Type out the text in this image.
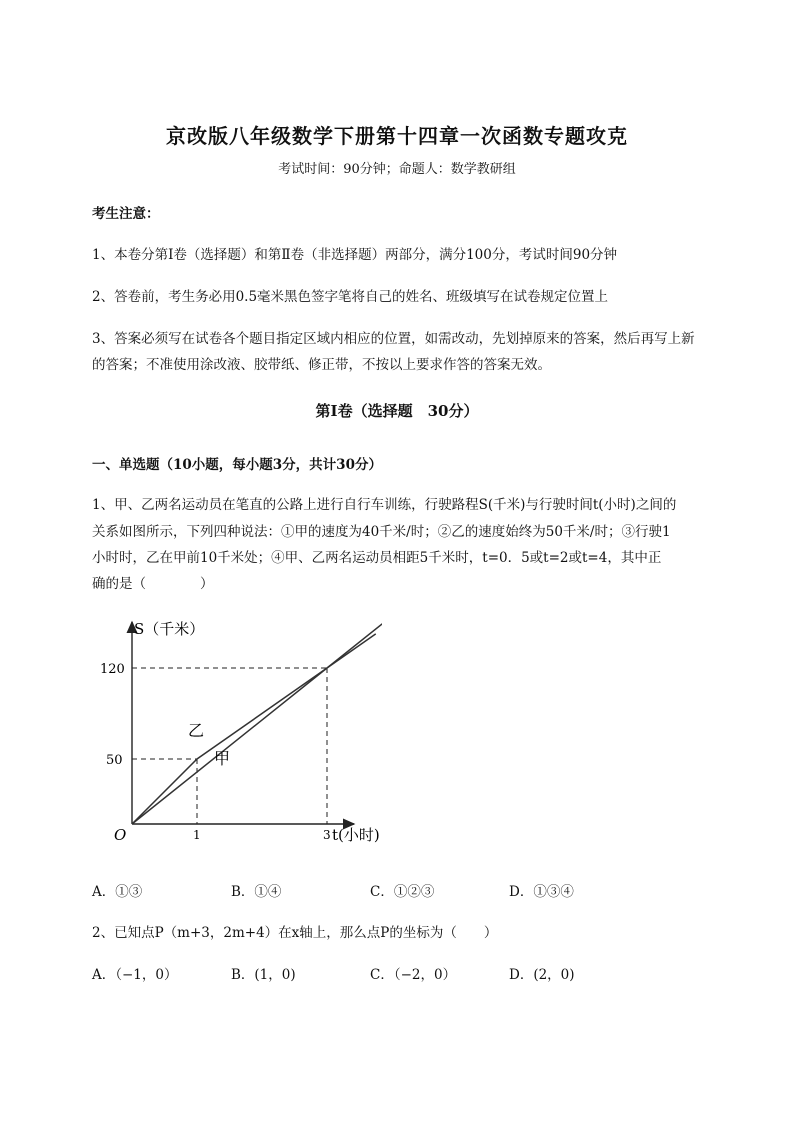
京改版八年级数学下册第十四章一次函数专题攻克
考试时间：90分钟；命题人：数学教研组
考生注意：
1、本卷分第I卷（选择题）和第Ⅱ卷（非选择题）两部分，满分100分，考试时间90分钟
2、答卷前，考生务必用0.5毫米黑色签字笔将自己的姓名、班级填写在试卷规定位置上
3、答案必须写在试卷各个题目指定区域内相应的位置，如需改动，先划掉原来的答案，然后再写上新
的答案；不准使用涂改液、胶带纸、修正带，不按以上要求作答的答案无效。
第I卷（选择题　30分）
一、单选题（10小题，每小题3分，共计30分）
1、甲、乙两名运动员在笔直的公路上进行自行车训练，行驶路程S(千米)与行驶时间t(小时)之间的
关系如图所示，下列四种说法：①甲的速度为40千米/时；②乙的速度始终为50千米/时；③行驶1
小时时，乙在甲前10千米处；④甲、乙两名运动员相距5千米时，t=0．5或t=2或t=4，其中正
确的是（　　　　）
S（千米）
t(小时)
O
120
50
1	3
乙
甲
A．①③	B．①④	C．①②③	D．①③④
2、已知点P（m+3，2m+4）在x轴上，那么点P的坐标为（　　）
A．（−1，0）	B．(1，0)	C．（−2，0）	D．(2，0)
